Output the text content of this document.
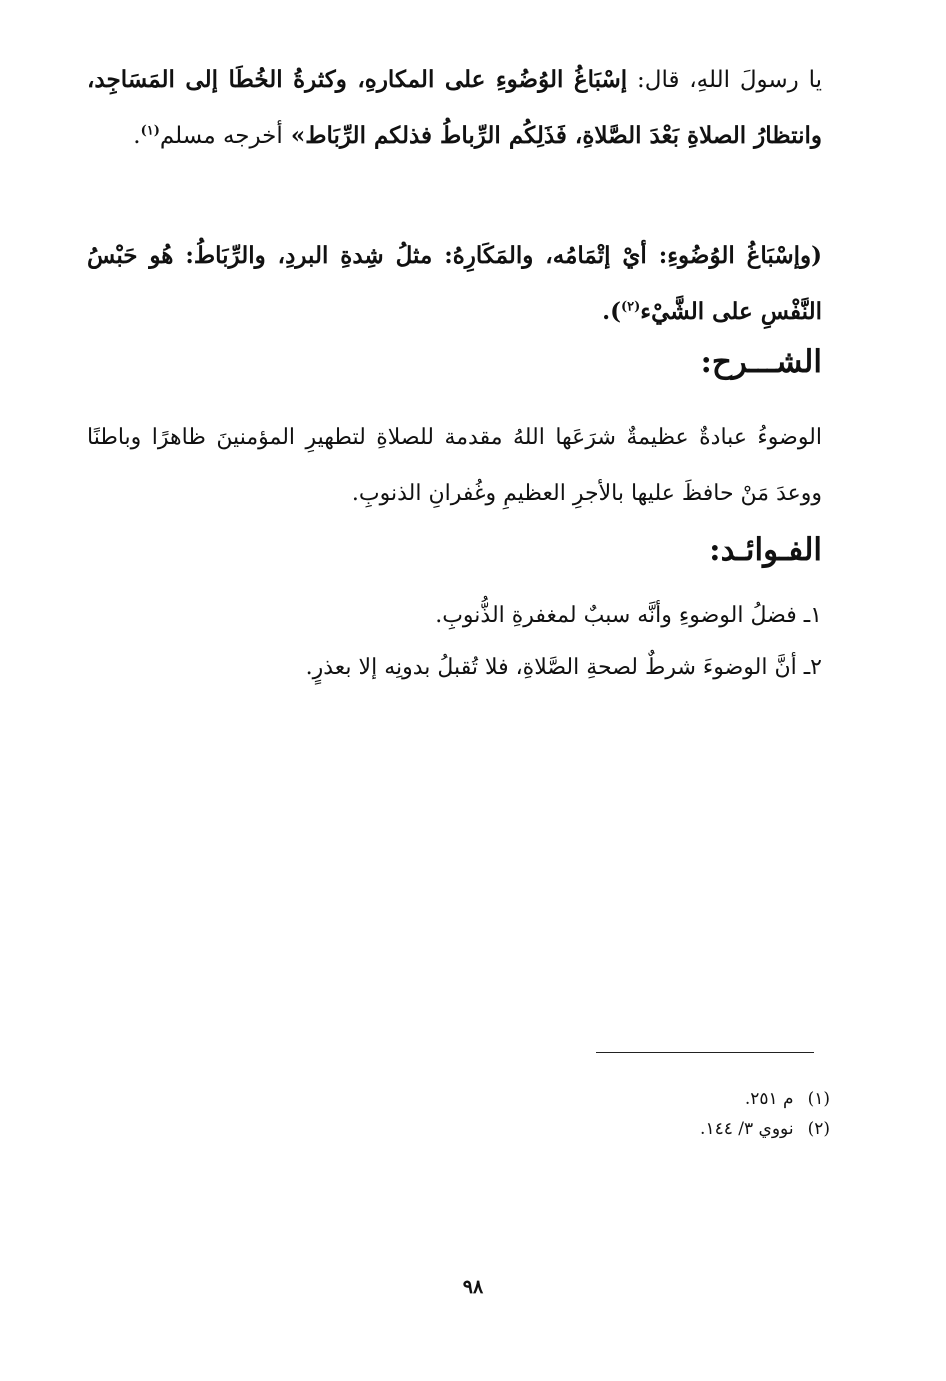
يا رسولَ اللهِ، قال: إسْبَاغُ الوُضُوءِ على المكارهِ، وكثرةُ الخُطَا إلى المَسَاجِد، وانتظارُ الصلاةِ بَعْدَ الصَّلاةِ، فَذَلِكُم الرِّباطُ فذلكم الرِّبَاط» أخرجه مسلم$^{(١)}$.

(وإسْبَاغُ الوُضُوءِ: أيْ إتْمَامُه، والمَكَارِهُ: مثلُ شِدةِ البردِ، والرِّبَاطُ: هُو حَبْسُ النَّفْسِ على الشَّيْء$^{(٢)}$).

الشـــرح:

الوضوءُ عبادةٌ عظيمةٌ شرَعَها اللهُ مقدمة للصلاةِ لتطهيرِ المؤمنينَ ظاهرًا وباطنًا ووعدَ مَنْ حافظَ عليها بالأجرِ العظيمِ وغُفرانِ الذنوبِ.

الفـوائـد:
١ـ فضلُ الوضوءِ وأنَّه سببٌ لمغفرةِ الذُّنوبِ.
٢ـ أنَّ الوضوءَ شرطٌ لصحةِ الصَّلاةِ، فلا تُقبلُ بدونِه إلا بعذرٍ.
(١)م ٢٥١.
(٢)نووي ٣/ ١٤٤.
٩٨
